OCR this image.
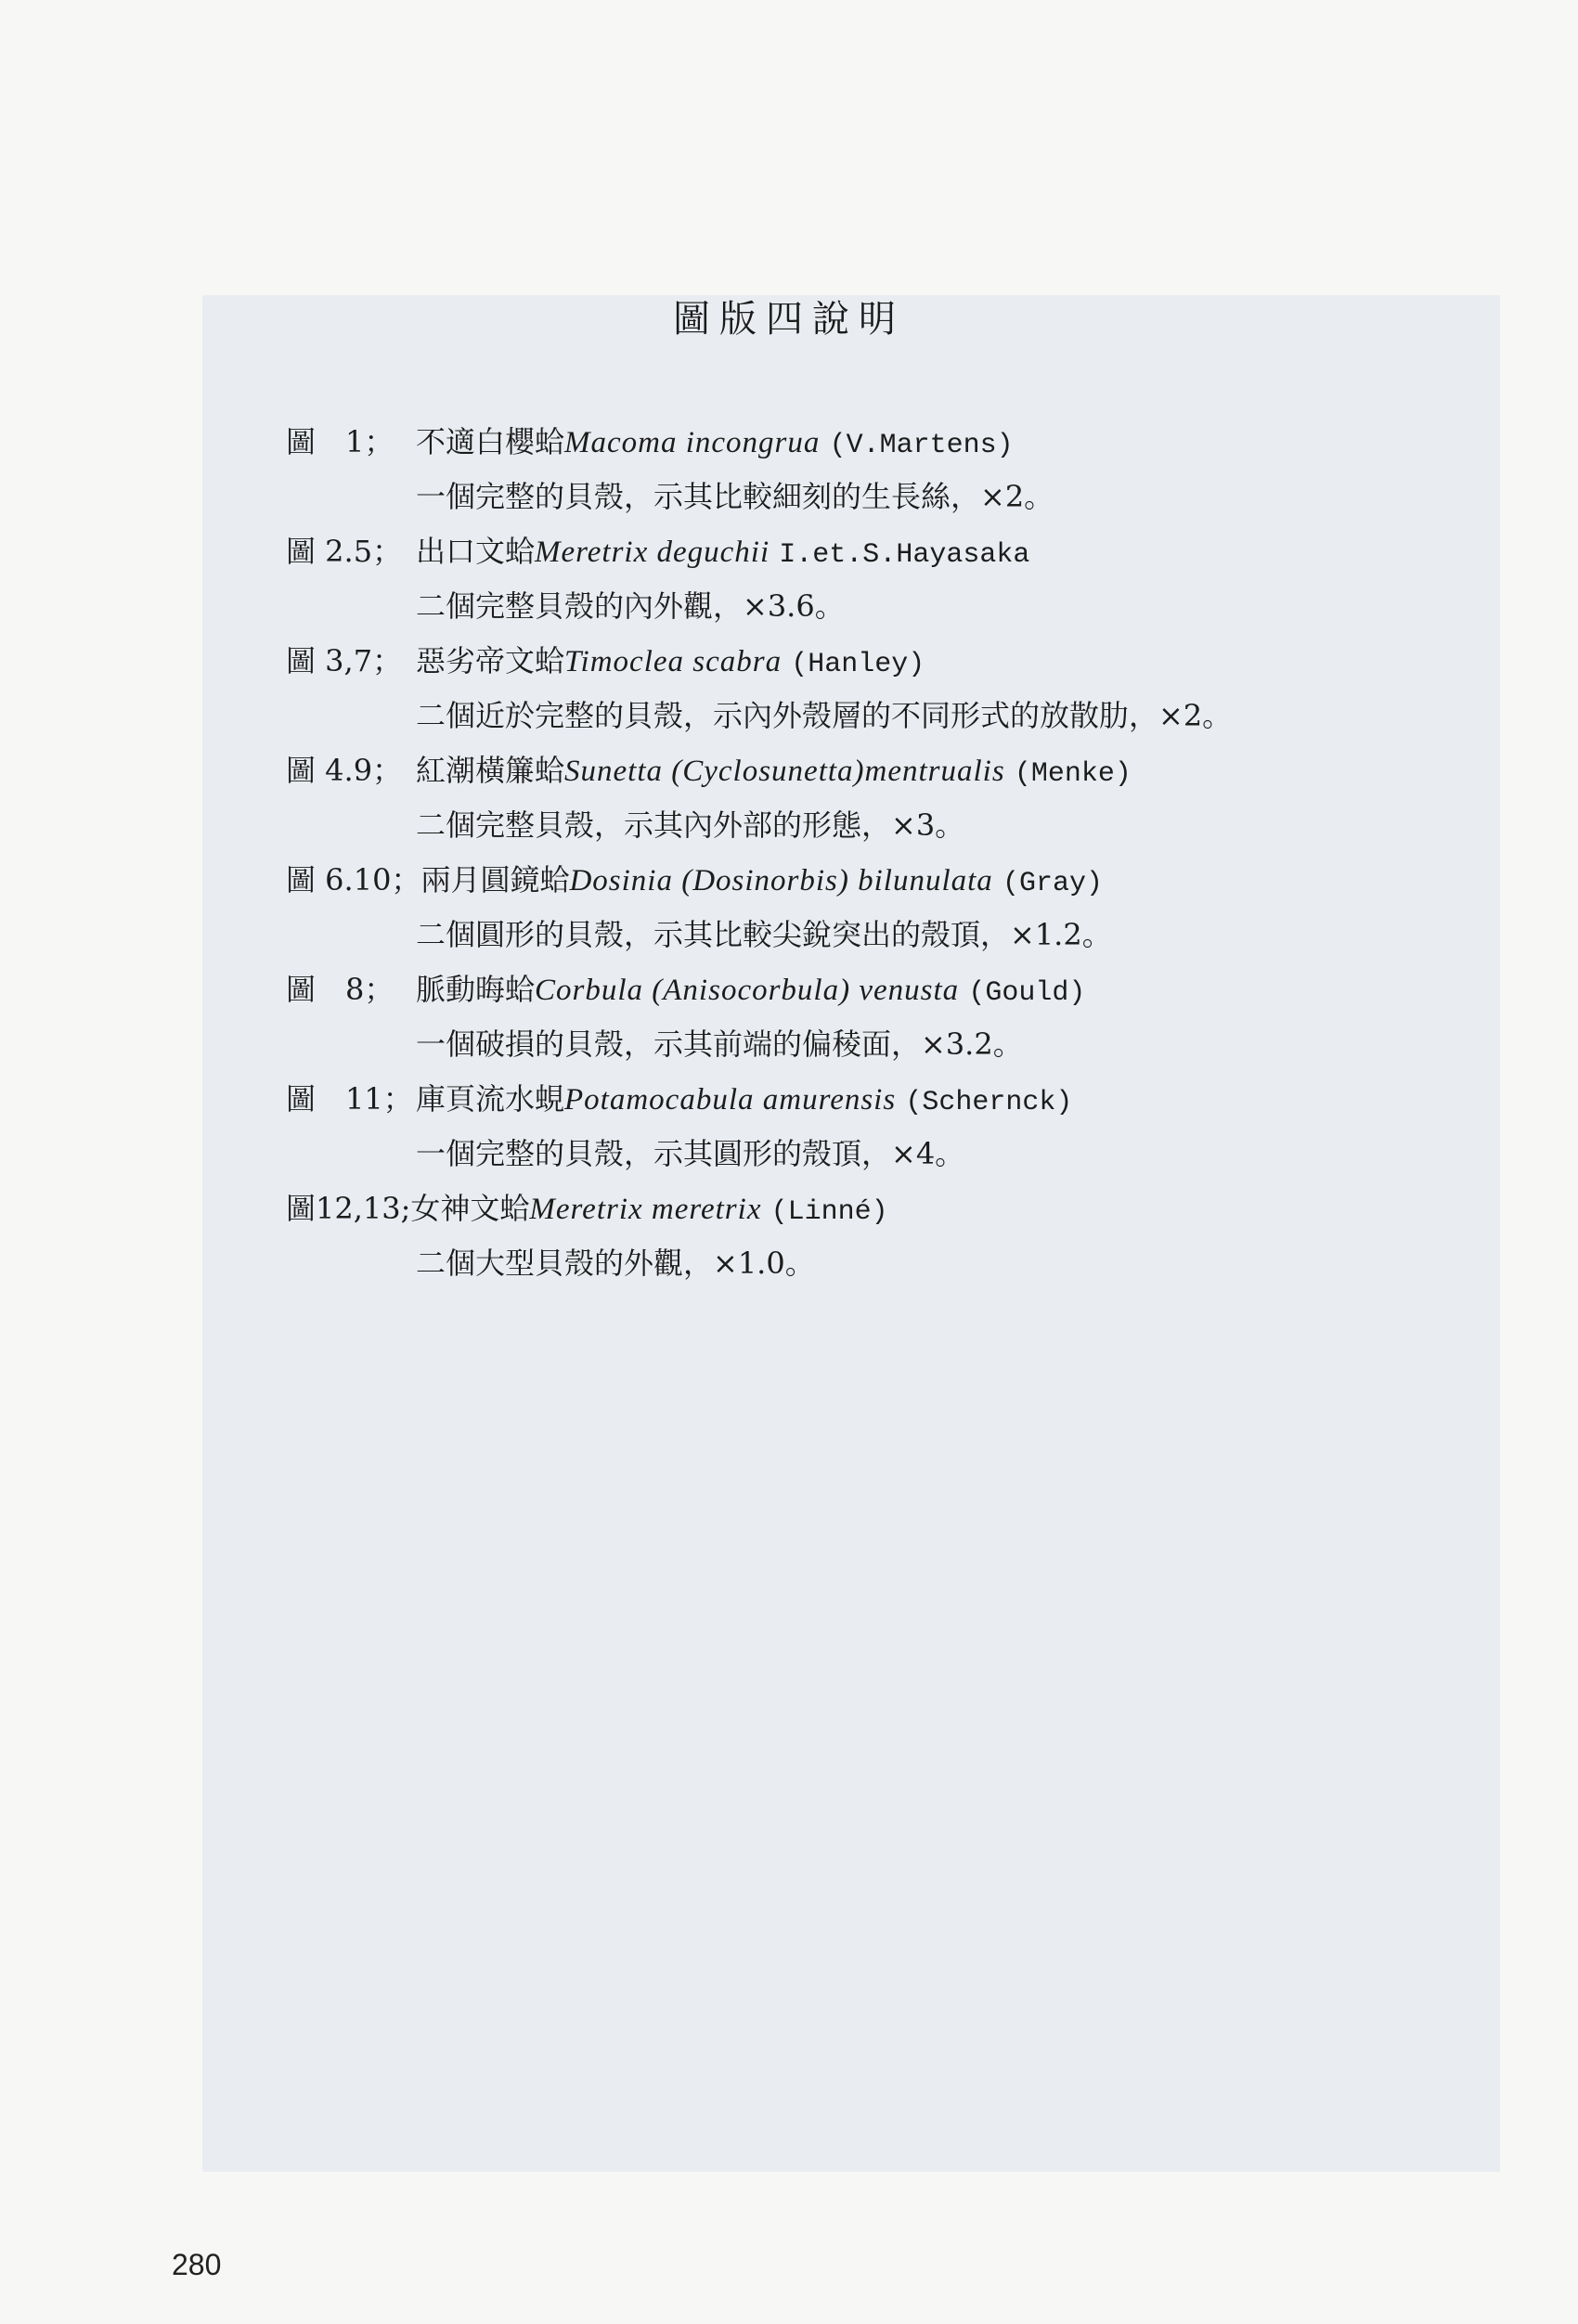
圖版四說明
圖　1； 不適白櫻蛤Macoma incongrua (V.Martens)
一個完整的貝殼，示其比較細刻的生長絲，×2。
圖 2.5； 出口文蛤Meretrix deguchii I.et.S.Hayasaka
二個完整貝殼的內外觀，×3.6。
圖 3,7； 惡劣帝文蛤Timoclea scabra (Hanley)
二個近於完整的貝殼，示內外殼層的不同形式的放散肋，×2。
圖 4.9； 紅潮橫簾蛤Sunetta (Cyclosunetta)mentrualis (Menke)
二個完整貝殼，示其內外部的形態，×3。
圖 6.10；兩月圓鏡蛤Dosinia (Dosinorbis) bilunulata (Gray)
二個圓形的貝殼，示其比較尖銳突出的殼頂，×1.2。
圖　8； 脈動晦蛤Corbula (Anisocorbula) venusta (Gould)
一個破損的貝殼，示其前端的偏稜面，×3.2。
圖　11； 庫頁流水蜆Potamocabula amurensis (Schernck)
一個完整的貝殼，示其圓形的殼頂，×4。
圖12,13;女神文蛤Meretrix meretrix (Linné)
二個大型貝殼的外觀，×1.0。
280
